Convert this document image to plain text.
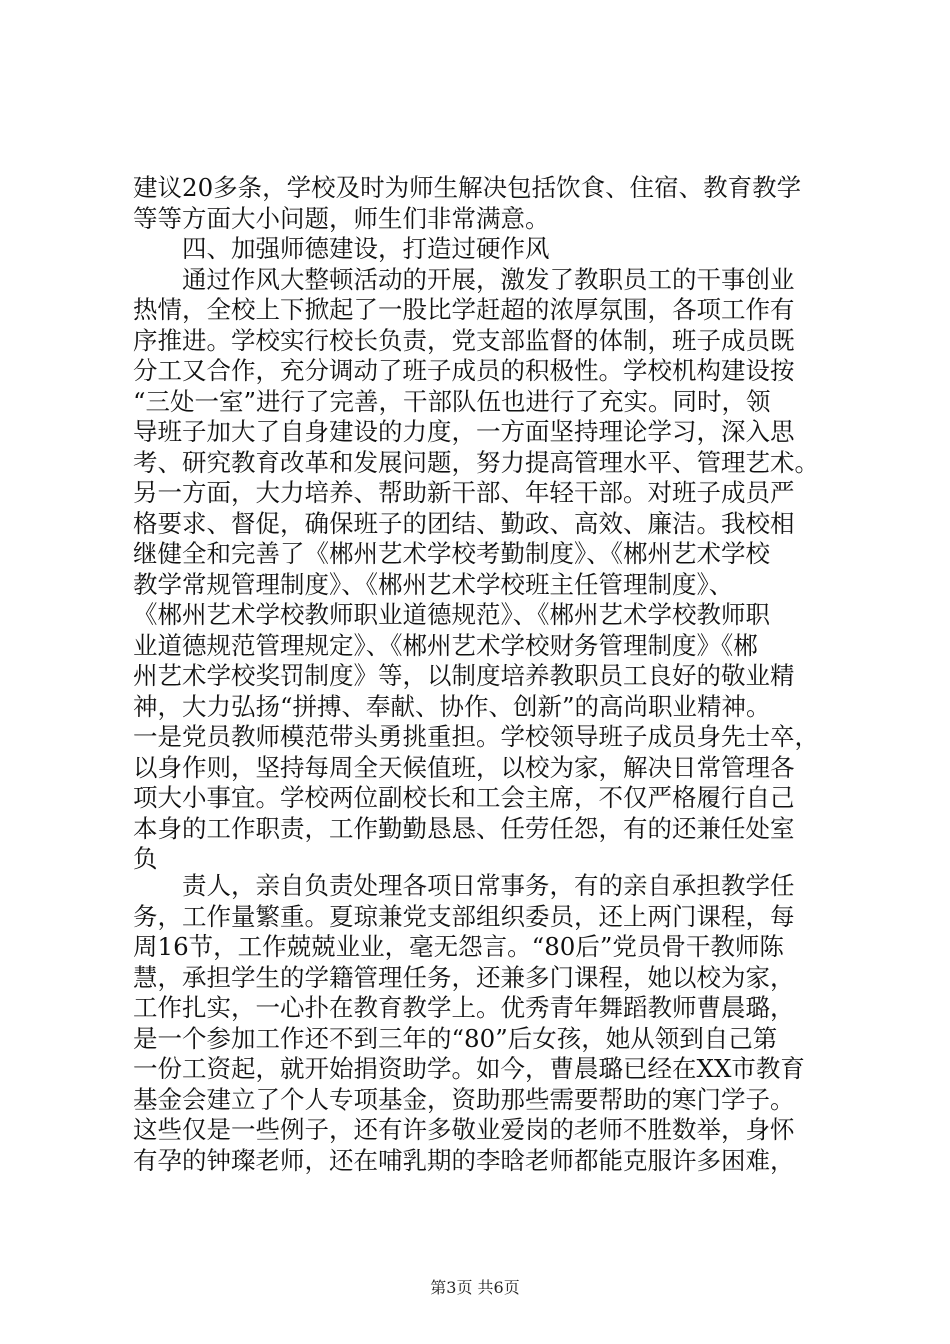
建议20多条，学校及时为师生解决包括饮食、住宿、教育教学
等等方面大小问题，师生们非常满意。
四、加强师德建设，打造过硬作风
通过作风大整顿活动的开展，激发了教职员工的干事创业
热情，全校上下掀起了一股比学赶超的浓厚氛围，各项工作有
序推进。学校实行校长负责，党支部监督的体制，班子成员既
分工又合作，充分调动了班子成员的积极性。学校机构建设按
“三处一室”进行了完善，干部队伍也进行了充实。同时，领
导班子加大了自身建设的力度，一方面坚持理论学习，深入思
考、研究教育改革和发展问题，努力提高管理水平、管理艺术。
另一方面，大力培养、帮助新干部、年轻干部。对班子成员严
格要求、督促，确保班子的团结、勤政、高效、廉洁。我校相
继健全和完善了《郴州艺术学校考勤制度》、《郴州艺术学校
教学常规管理制度》、《郴州艺术学校班主任管理制度》、
《郴州艺术学校教师职业道德规范》、《郴州艺术学校教师职
业道德规范管理规定》、《郴州艺术学校财务管理制度》《郴
州艺术学校奖罚制度》等，以制度培养教职员工良好的敬业精
神，大力弘扬“拼搏、奉献、协作、创新”的高尚职业精神。
一是党员教师模范带头勇挑重担。学校领导班子成员身先士卒，
以身作则，坚持每周全天候值班，以校为家，解决日常管理各
项大小事宜。学校两位副校长和工会主席，不仅严格履行自己
本身的工作职责，工作勤勤恳恳、任劳任怨，有的还兼任处室
负
责人，亲自负责处理各项日常事务，有的亲自承担教学任
务，工作量繁重。夏琼兼党支部组织委员，还上两门课程，每
周16节，工作兢兢业业，毫无怨言。“80后”党员骨干教师陈
慧，承担学生的学籍管理任务，还兼多门课程，她以校为家，
工作扎实，一心扑在教育教学上。优秀青年舞蹈教师曹晨璐，
是一个参加工作还不到三年的“80”后女孩，她从领到自己第
一份工资起，就开始捐资助学。如今，曹晨璐已经在XX市教育
基金会建立了个人专项基金，资助那些需要帮助的寒门学子。
这些仅是一些例子，还有许多敬业爱岗的老师不胜数举，身怀
有孕的钟璨老师，还在哺乳期的李晗老师都能克服许多困难，
第3页 共6页
